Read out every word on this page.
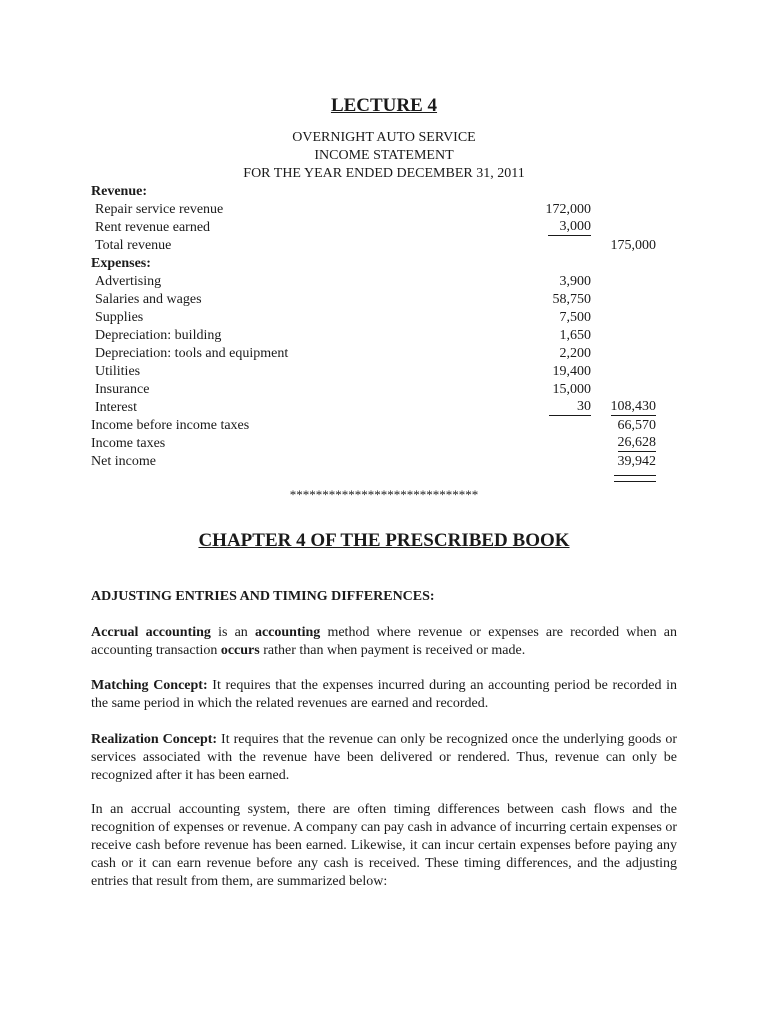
LECTURE 4
OVERNIGHT AUTO SERVICE
INCOME STATEMENT
FOR THE YEAR ENDED DECEMBER 31, 2011
Revenue:
Repair service revenue	172,000
Rent revenue earned	3,000
Total revenue	175,000
Expenses:
Advertising	3,900
Salaries and wages	58,750
Supplies	7,500
Depreciation: building	1,650
Depreciation: tools and equipment	2,200
Utilities	19,400
Insurance	15,000
Interest	30 108,430
Income before income taxes	66,570
Income taxes	26,628
Net income	39,942
*****************************
CHAPTER 4 OF THE PRESCRIBED BOOK
ADJUSTING ENTRIES AND TIMING DIFFERENCES:
Accrual accounting is an accounting method where revenue or expenses are recorded when an accounting transaction occurs rather than when payment is received or made.
Matching Concept: It requires that the expenses incurred during an accounting period be recorded in the same period in which the related revenues are earned and recorded.
Realization Concept: It requires that the revenue can only be recognized once the underlying goods or services associated with the revenue have been delivered or rendered. Thus, revenue can only be recognized after it has been earned.
In an accrual accounting system, there are often timing differences between cash flows and the recognition of expenses or revenue. A company can pay cash in advance of incurring certain expenses or receive cash before revenue has been earned. Likewise, it can incur certain expenses before paying any cash or it can earn revenue before any cash is received. These timing differences, and the adjusting entries that result from them, are summarized below:
